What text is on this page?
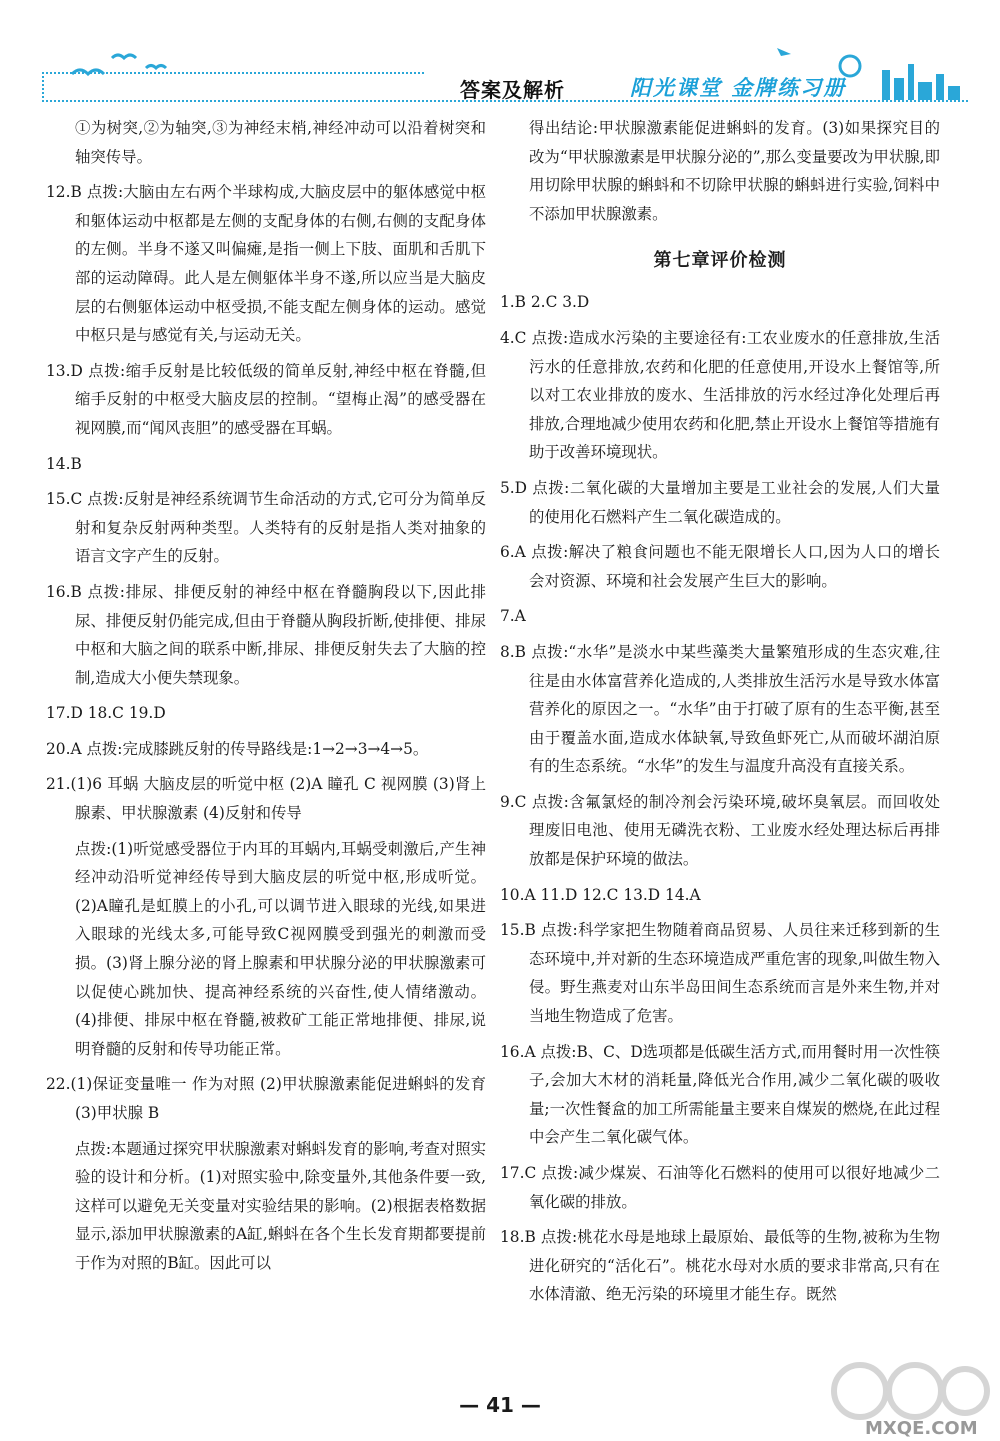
答案及解析	阳光课堂 金牌练习册

①为树突,②为轴突,③为神经末梢,神经冲动可以沿着树突和轴突传导。

12.B 点拨:大脑由左右两个半球构成,大脑皮层中的躯体感觉中枢和躯体运动中枢都是左侧的支配身体的右侧,右侧的支配身体的左侧。半身不遂又叫偏瘫,是指一侧上下肢、面肌和舌肌下部的运动障碍。此人是左侧躯体半身不遂,所以应当是大脑皮层的右侧躯体运动中枢受损,不能支配左侧身体的运动。感觉中枢只是与感觉有关,与运动无关。

13.D 点拨:缩手反射是比较低级的简单反射,神经中枢在脊髓,但缩手反射的中枢受大脑皮层的控制。“望梅止渴”的感受器在视网膜,而“闻风丧胆”的感受器在耳蜗。

14.B

15.C 点拨:反射是神经系统调节生命活动的方式,它可分为简单反射和复杂反射两种类型。人类特有的反射是指人类对抽象的语言文字产生的反射。

16.B 点拨:排尿、排便反射的神经中枢在脊髓胸段以下,因此排尿、排便反射仍能完成,但由于脊髓从胸段折断,使排便、排尿中枢和大脑之间的联系中断,排尿、排便反射失去了大脑的控制,造成大小便失禁现象。

17.D 18.C 19.D

20.A 点拨:完成膝跳反射的传导路线是:1→2→3→4→5。

21.(1)6 耳蜗 大脑皮层的听觉中枢 (2)A 瞳孔 C 视网膜 (3)肾上腺素、甲状腺激素 (4)反射和传导

点拨:(1)听觉感受器位于内耳的耳蜗内,耳蜗受刺激后,产生神经冲动沿听觉神经传导到大脑皮层的听觉中枢,形成听觉。(2)A瞳孔是虹膜上的小孔,可以调节进入眼球的光线,如果进入眼球的光线太多,可能导致C视网膜受到强光的刺激而受损。(3)肾上腺分泌的肾上腺素和甲状腺分泌的甲状腺激素可以促使心跳加快、提高神经系统的兴奋性,使人情绪激动。(4)排便、排尿中枢在脊髓,被救矿工能正常地排便、排尿,说明脊髓的反射和传导功能正常。

22.(1)保证变量唯一 作为对照 (2)甲状腺激素能促进蝌蚪的发育 (3)甲状腺 B

点拨:本题通过探究甲状腺激素对蝌蚪发育的影响,考查对照实验的设计和分析。(1)对照实验中,除变量外,其他条件要一致,这样可以避免无关变量对实验结果的影响。(2)根据表格数据显示,添加甲状腺激素的A缸,蝌蚪在各个生长发育期都要提前于作为对照的B缸。因此可以

得出结论:甲状腺激素能促进蝌蚪的发育。(3)如果探究目的改为“甲状腺激素是甲状腺分泌的”,那么变量要改为甲状腺,即用切除甲状腺的蝌蚪和不切除甲状腺的蝌蚪进行实验,饲料中不添加甲状腺激素。

第七章评价检测

1.B 2.C 3.D

4.C 点拨:造成水污染的主要途径有:工农业废水的任意排放,生活污水的任意排放,农药和化肥的任意使用,开设水上餐馆等,所以对工农业排放的废水、生活排放的污水经过净化处理后再排放,合理地减少使用农药和化肥,禁止开设水上餐馆等措施有助于改善环境现状。

5.D 点拨:二氧化碳的大量增加主要是工业社会的发展,人们大量的使用化石燃料产生二氧化碳造成的。

6.A 点拨:解决了粮食问题也不能无限增长人口,因为人口的增长会对资源、环境和社会发展产生巨大的影响。

7.A

8.B 点拨:“水华”是淡水中某些藻类大量繁殖形成的生态灾难,往往是由水体富营养化造成的,人类排放生活污水是导致水体富营养化的原因之一。“水华”由于打破了原有的生态平衡,甚至由于覆盖水面,造成水体缺氧,导致鱼虾死亡,从而破坏湖泊原有的生态系统。“水华”的发生与温度升高没有直接关系。

9.C 点拨:含氟氯烃的制冷剂会污染环境,破坏臭氧层。而回收处理废旧电池、使用无磷洗衣粉、工业废水经处理达标后再排放都是保护环境的做法。

10.A 11.D 12.C 13.D 14.A

15.B 点拨:科学家把生物随着商品贸易、人员往来迁移到新的生态环境中,并对新的生态环境造成严重危害的现象,叫做生物入侵。野生燕麦对山东半岛田间生态系统而言是外来生物,并对当地生物造成了危害。

16.A 点拨:B、C、D选项都是低碳生活方式,而用餐时用一次性筷子,会加大木材的消耗量,降低光合作用,减少二氧化碳的吸收量;一次性餐盒的加工所需能量主要来自煤炭的燃烧,在此过程中会产生二氧化碳气体。

17.C 点拨:减少煤炭、石油等化石燃料的使用可以很好地减少二氧化碳的排放。

18.B 点拨:桃花水母是地球上最原始、最低等的生物,被称为生物进化研究的“活化石”。桃花水母对水质的要求非常高,只有在水体清澈、绝无污染的环境里才能生存。既然

— 41 —
MXQE.COM
